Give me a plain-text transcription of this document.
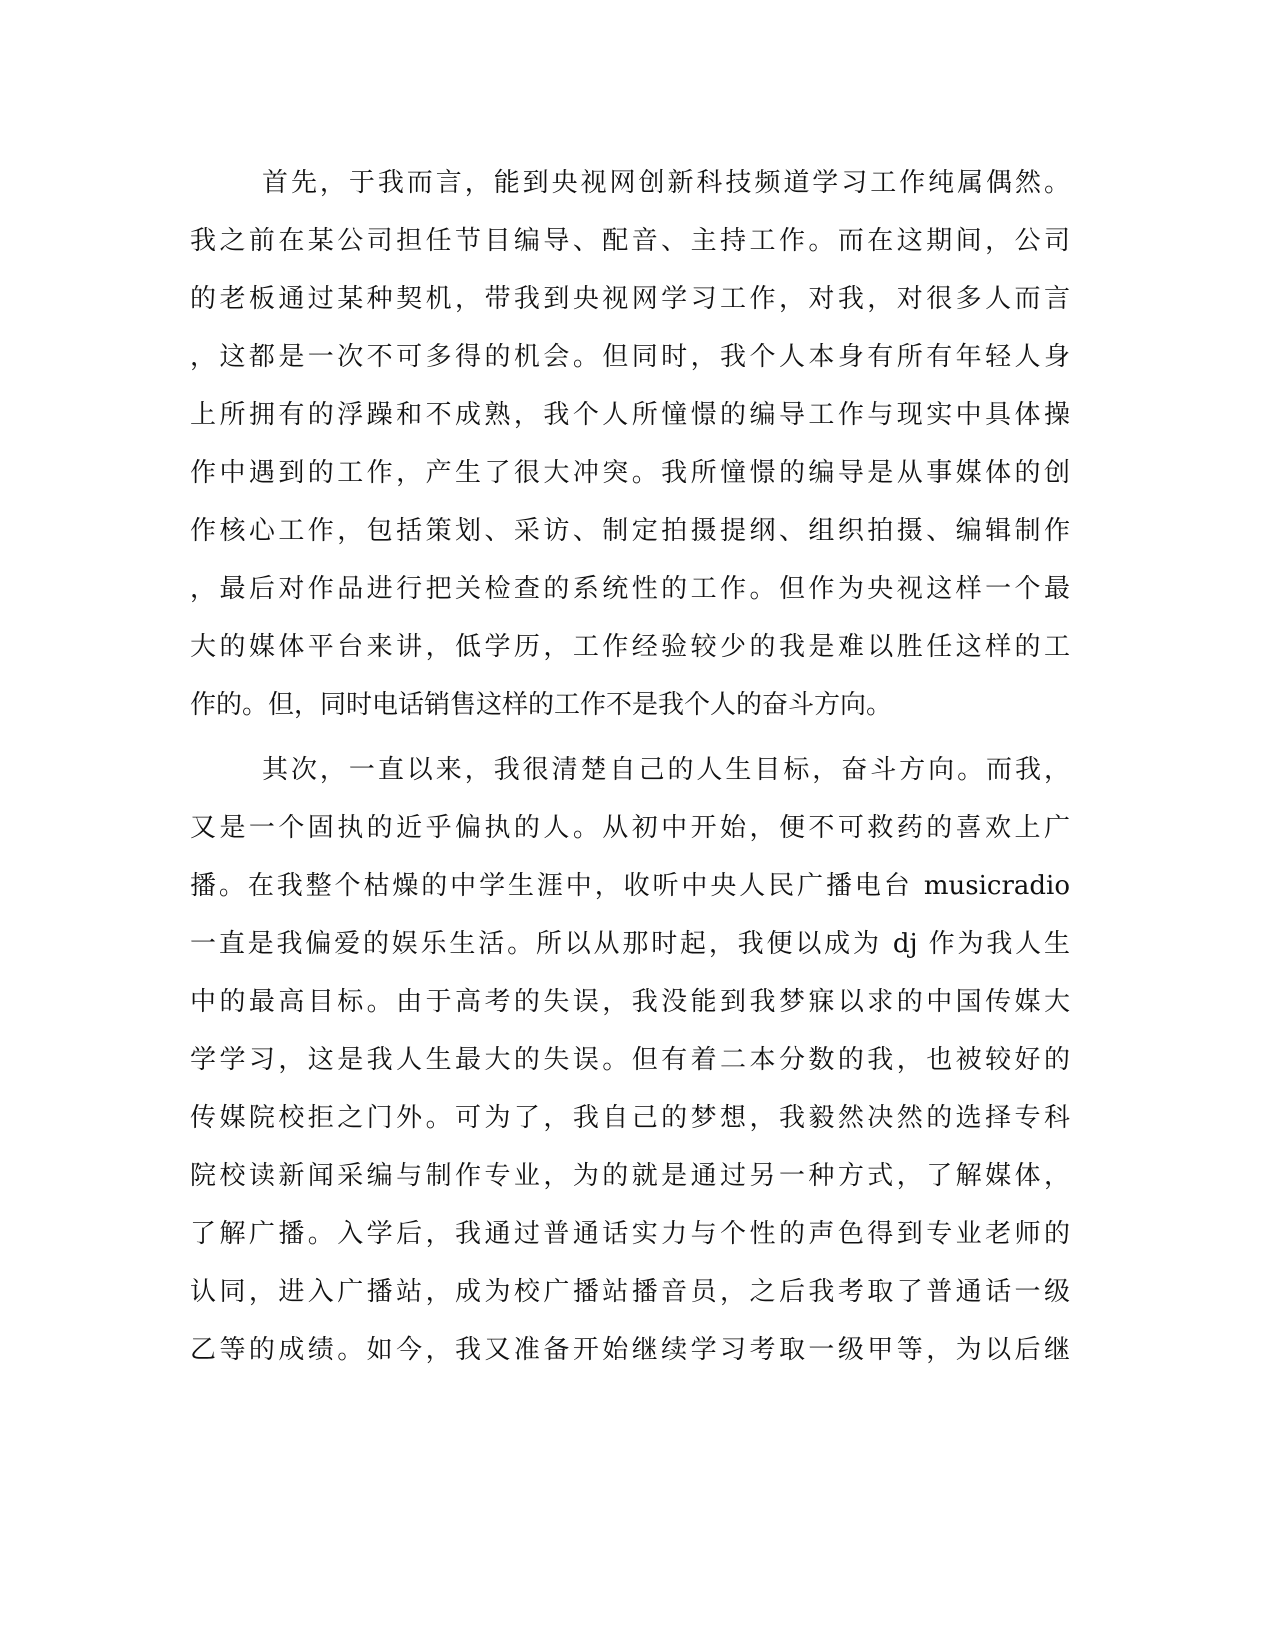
首先，于我而言，能到央视网创新科技频道学习工作纯属偶然。
我之前在某公司担任节目编导、配音、主持工作。而在这期间，公司
的老板通过某种契机，带我到央视网学习工作，对我，对很多人而言
，这都是一次不可多得的机会。但同时，我个人本身有所有年轻人身
上所拥有的浮躁和不成熟，我个人所憧憬的编导工作与现实中具体操
作中遇到的工作，产生了很大冲突。我所憧憬的编导是从事媒体的创
作核心工作，包括策划、采访、制定拍摄提纲、组织拍摄、编辑制作
，最后对作品进行把关检查的系统性的工作。但作为央视这样一个最
大的媒体平台来讲，低学历，工作经验较少的我是难以胜任这样的工
作的。但，同时电话销售这样的工作不是我个人的奋斗方向。
其次，一直以来，我很清楚自己的人生目标，奋斗方向。而我，
又是一个固执的近乎偏执的人。从初中开始，便不可救药的喜欢上广
播。在我整个枯燥的中学生涯中，收听中央人民广播电台 musicradio
一直是我偏爱的娱乐生活。所以从那时起，我便以成为 dj 作为我人生
中的最高目标。由于高考的失误，我没能到我梦寐以求的中国传媒大
学学习，这是我人生最大的失误。但有着二本分数的我，也被较好的
传媒院校拒之门外。可为了，我自己的梦想，我毅然决然的选择专科
院校读新闻采编与制作专业，为的就是通过另一种方式，了解媒体，
了解广播。入学后，我通过普通话实力与个性的声色得到专业老师的
认同，进入广播站，成为校广播站播音员，之后我考取了普通话一级
乙等的成绩。如今，我又准备开始继续学习考取一级甲等，为以后继
